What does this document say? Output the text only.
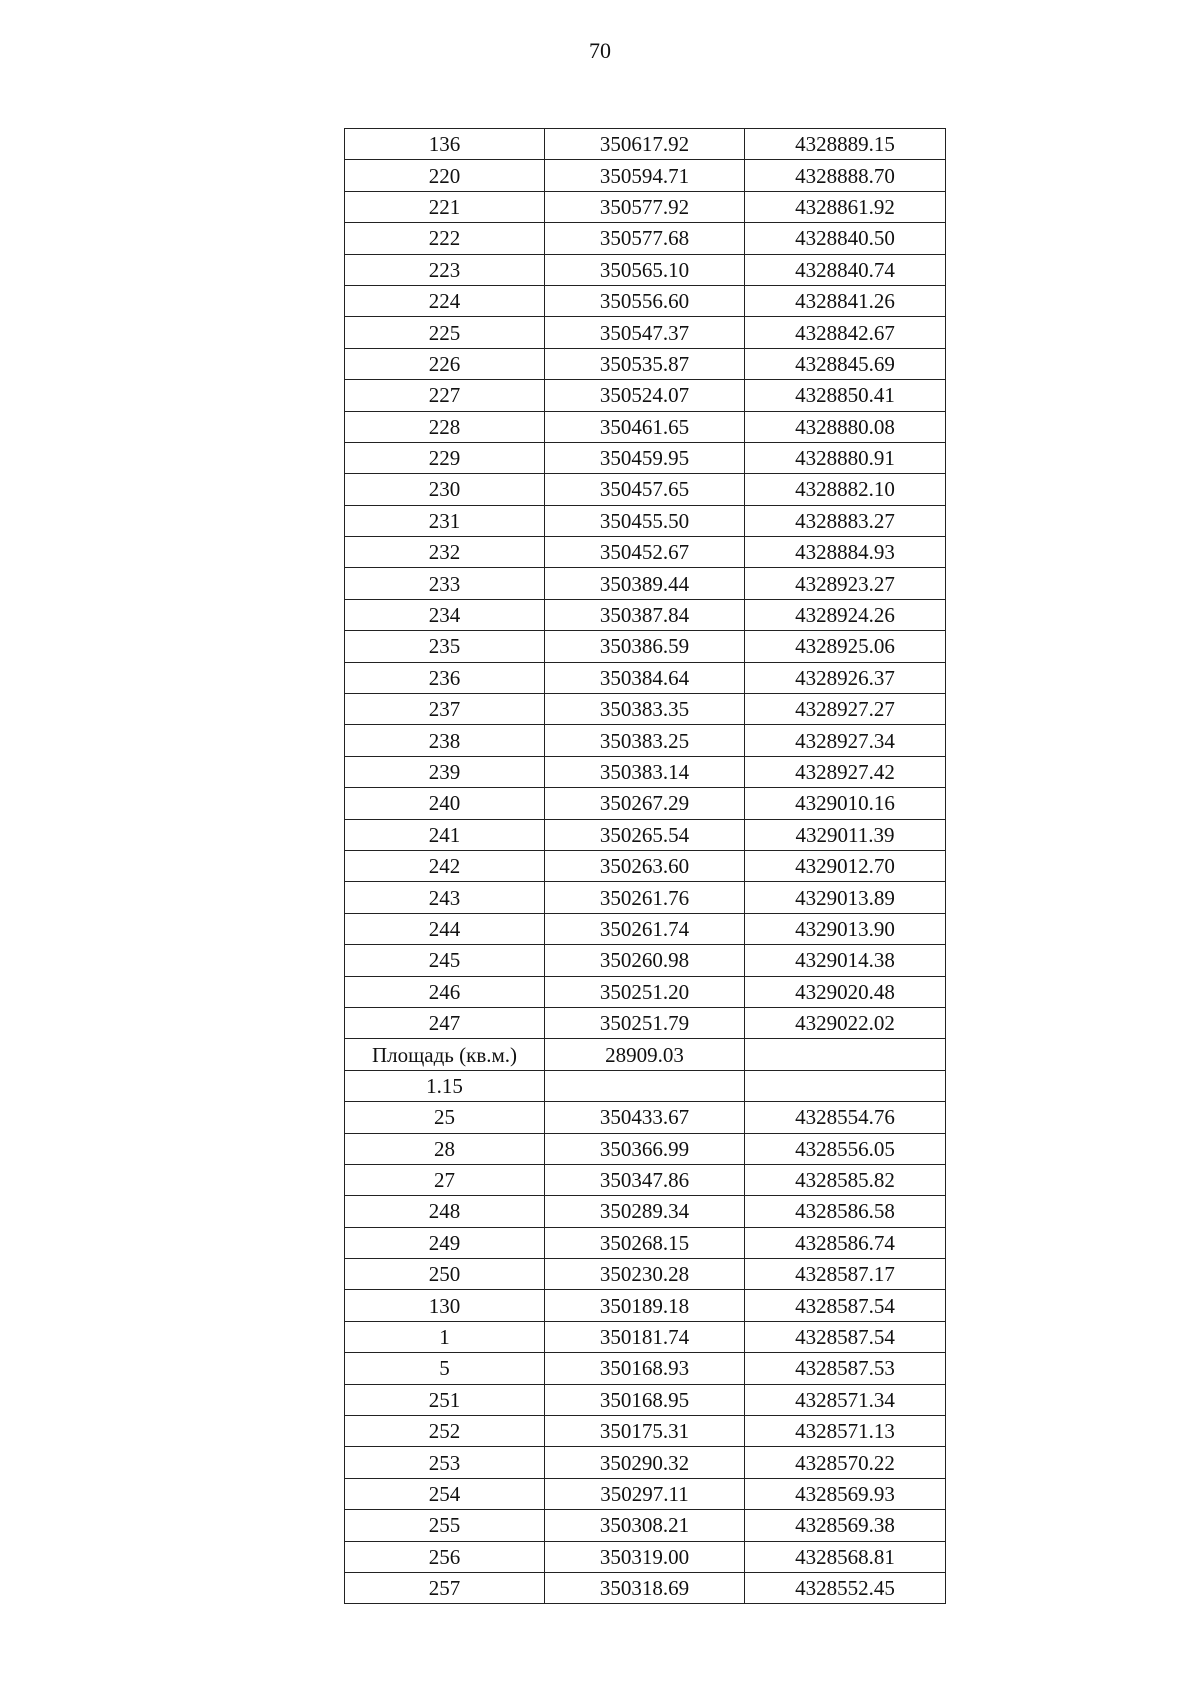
70
136	350617.92	4328889.15
220	350594.71	4328888.70
221	350577.92	4328861.92
222	350577.68	4328840.50
223	350565.10	4328840.74
224	350556.60	4328841.26
225	350547.37	4328842.67
226	350535.87	4328845.69
227	350524.07	4328850.41
228	350461.65	4328880.08
229	350459.95	4328880.91
230	350457.65	4328882.10
231	350455.50	4328883.27
232	350452.67	4328884.93
233	350389.44	4328923.27
234	350387.84	4328924.26
235	350386.59	4328925.06
236	350384.64	4328926.37
237	350383.35	4328927.27
238	350383.25	4328927.34
239	350383.14	4328927.42
240	350267.29	4329010.16
241	350265.54	4329011.39
242	350263.60	4329012.70
243	350261.76	4329013.89
244	350261.74	4329013.90
245	350260.98	4329014.38
246	350251.20	4329020.48
247	350251.79	4329022.02
Площадь (кв.м.)	28909.03	
1.15		
25	350433.67	4328554.76
28	350366.99	4328556.05
27	350347.86	4328585.82
248	350289.34	4328586.58
249	350268.15	4328586.74
250	350230.28	4328587.17
130	350189.18	4328587.54
1	350181.74	4328587.54
5	350168.93	4328587.53
251	350168.95	4328571.34
252	350175.31	4328571.13
253	350290.32	4328570.22
254	350297.11	4328569.93
255	350308.21	4328569.38
256	350319.00	4328568.81
257	350318.69	4328552.45
